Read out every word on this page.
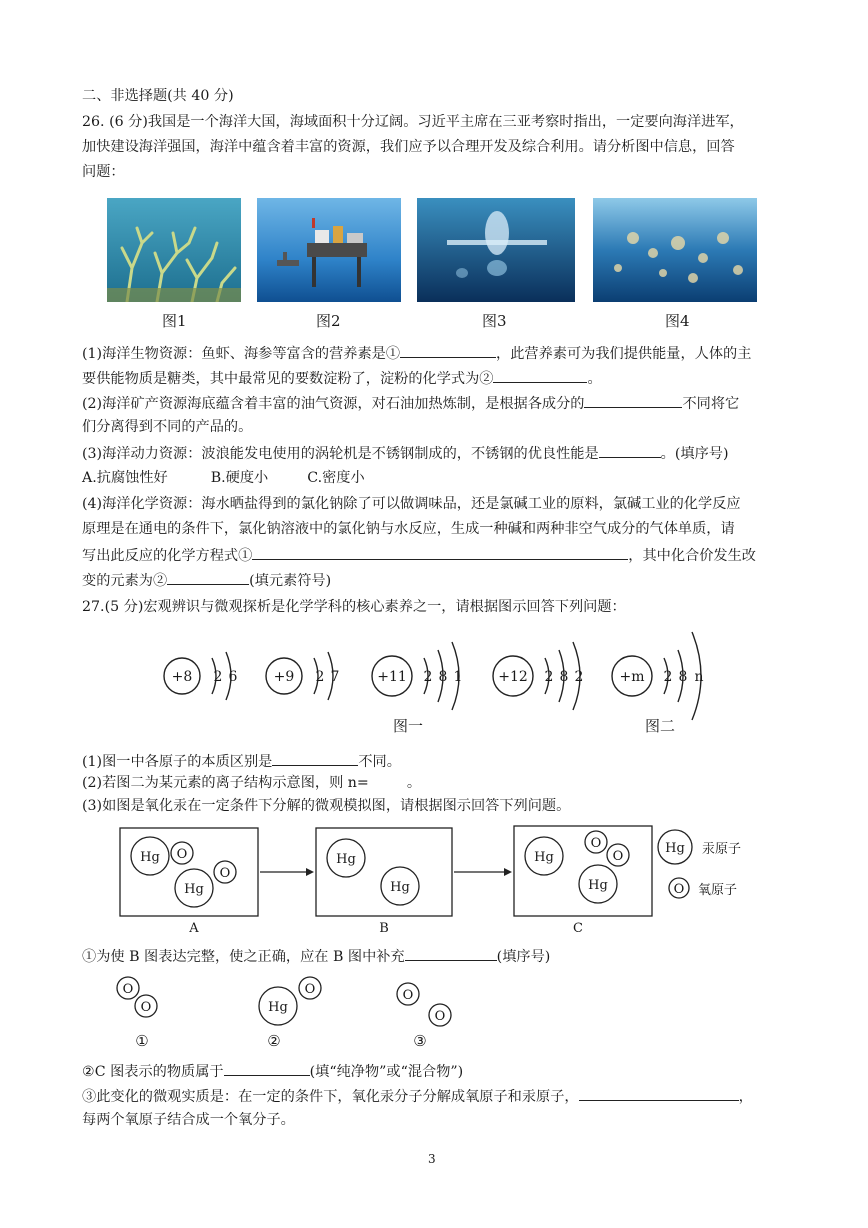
二、非选择题(共 40 分)
26. (6 分)我国是一个海洋大国，海域面积十分辽阔。习近平主席在三亚考察时指出，一定要向海洋进军，
加快建设海洋强国，海洋中蕴含着丰富的资源，我们应予以合理开发及综合利用。请分析图中信息，回答
问题：
图1	图2	图3	图4
(1)海洋生物资源：鱼虾、海参等富含的营养素是①	，此营养素可为我们提供能量，人体的主
要供能物质是糖类，其中最常见的要数淀粉了，淀粉的化学式为②	。
(2)海洋矿产资源海底蕴含着丰富的油气资源，对石油加热炼制，是根据各成分的	不同将它
们分离得到不同的产品的。
(3)海洋动力资源：波浪能发电使用的涡轮机是不锈钢制成的，不锈钢的优良性能是	。(填序号)
A.抗腐蚀性好	B.硬度小	C.密度小
(4)海洋化学资源：海水晒盐得到的氯化钠除了可以做调味品，还是氯碱工业的原料，氯碱工业的化学反应
原理是在通电的条件下，氯化钠溶液中的氯化钠与水反应，生成一种碱和两种非空气成分的气体单质，请
写出此反应的化学方程式①	，其中化合价发生改
变的元素为②	(填元素符号)
27.(5 分)宏观辨识与微观探析是化学学科的核心素养之一，请根据图示回答下列问题：
+8 2 6	+9 2 7	+11 2 8 1	+12 2 8 2	+m 2 8 n
图一	图二
(1)图一中各原子的本质区别是	不同。
(2)若图二为某元素的离子结构示意图，则 n=	。
(3)如图是氧化汞在一定条件下分解的微观模拟图，请根据图示回答下列问题。
Hg O
Hg
O
Hg
Hg
Hg
O
O
Hg
Hg
O
A	B	C
汞原子
氧原子
①为使 B 图表达完整，使之正确，应在 B 图中补充	(填序号)
O
O	Hg
O	O
O
①	②	③
②C 图表示的物质属于	(填“纯净物”或“混合物”)
③此变化的微观实质是：在一定的条件下，氧化汞分子分解成氧原子和汞原子，	，
每两个氧原子结合成一个氧分子。
3
